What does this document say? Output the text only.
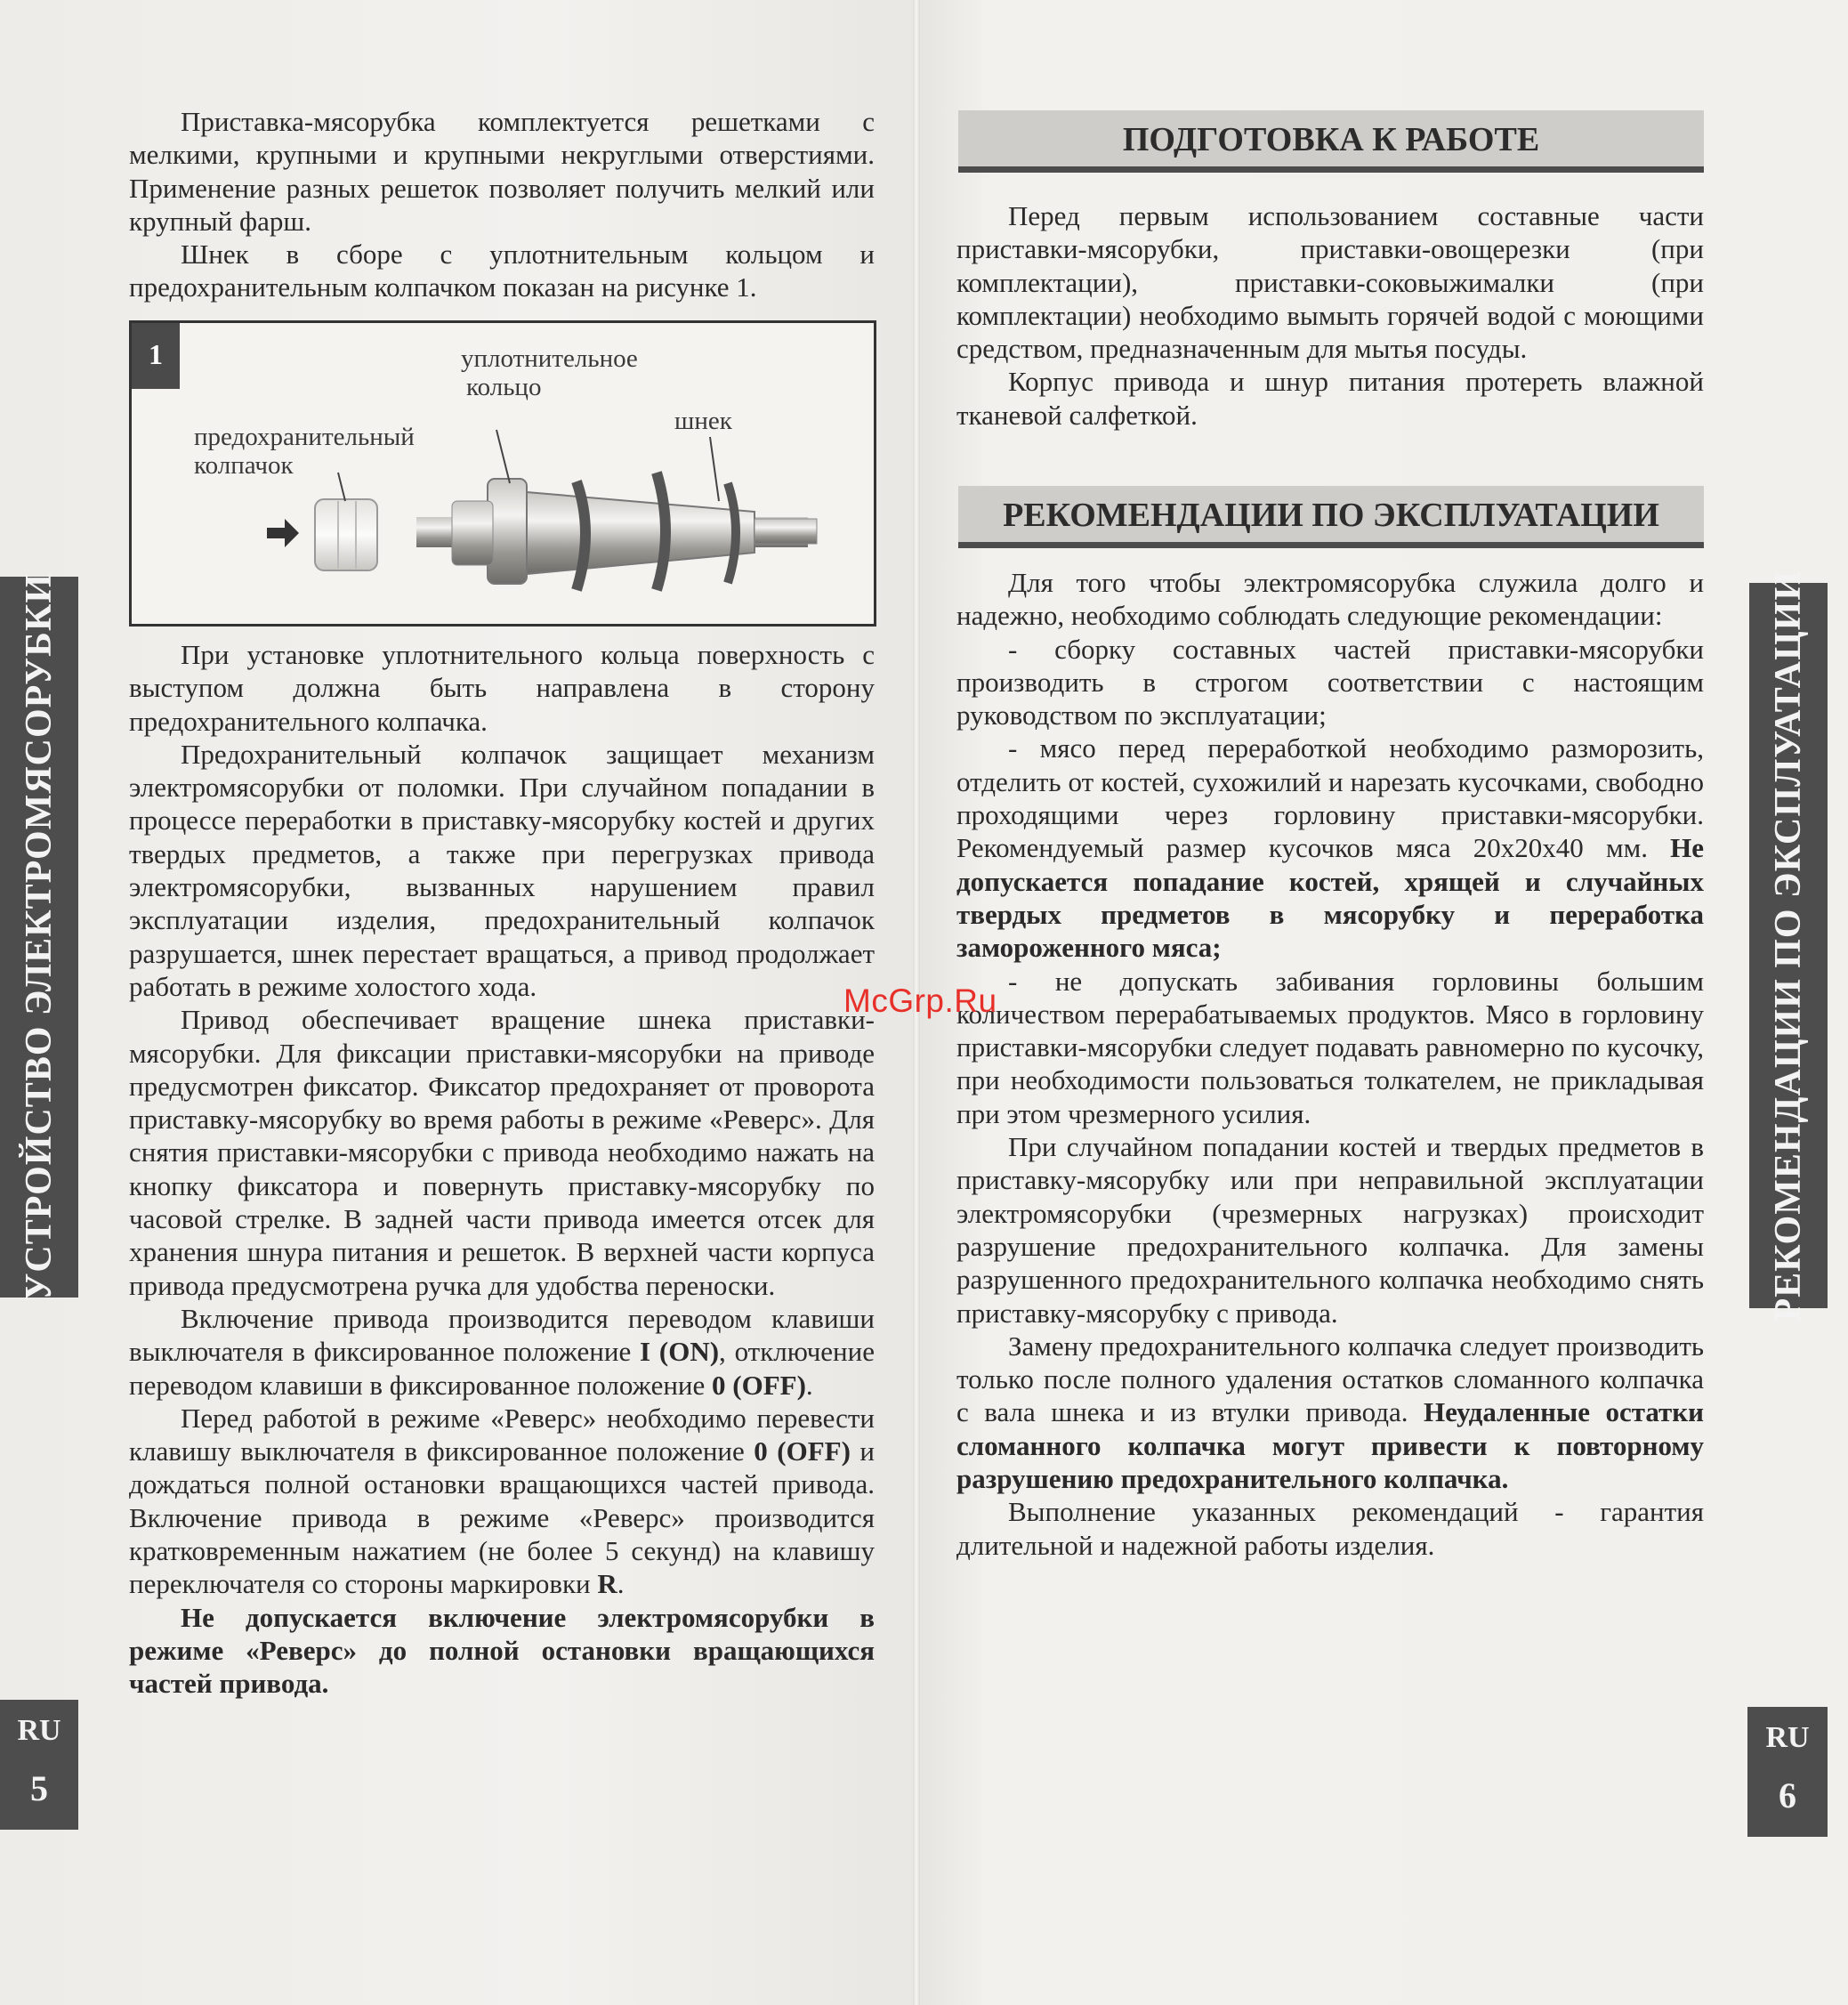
УСТРОЙСТВО ЭЛЕКТРОМЯСОРУБКИ
RU
5

Приставка-мясорубка комплектуется решетками с мелкими, крупными и крупными некруглыми отверстиями. Применение разных решеток позволяет получить мелкий или крупный фарш.

Шнек в сборе с уплотнительным кольцом и предохранительным колпачком показан на рисунке 1.

1	уплотнительное
кольцо
шнек
предохранительный
колпачок

При установке уплотнительного кольца поверхность с выступом должна быть направлена в сторону предохранительного колпачка.

Предохранительный колпачок защищает механизм электромясорубки от поломки. При случайном попадании в процессе переработки в приставку-мясорубку костей и других твердых предметов, а также при перегрузках привода электромясорубки, вызванных нарушением правил эксплуатации изделия, предохранительный колпачок разрушается, шнек перестает вращаться, а привод продолжает работать в режиме холостого хода.

Привод обеспечивает вращение шнека приставки-мясорубки. Для фиксации приставки-мясорубки на приводе предусмотрен фиксатор. Фиксатор предохраняет от проворота приставку-мясорубку во время работы в режиме «Реверс». Для снятия приставки-мясорубки с привода необходимо нажать на кнопку фиксатора и повернуть приставку-мясорубку по часовой стрелке. В задней части привода имеется отсек для хранения шнура питания и решеток. В верхней части корпуса привода предусмотрена ручка для удобства переноски.

Включение привода производится переводом клавиши выключателя в фиксированное положение I (ON), отключение переводом клавиши в фиксированное положение 0 (OFF).

Перед работой в режиме «Реверс» необходимо перевести клавишу выключателя в фиксированное положение 0 (OFF) и дождаться полной остановки вращающихся частей привода. Включение привода в режиме «Реверс» производится кратковременным нажатием (не более 5 секунд) на клавишу переключателя со стороны маркировки R.

Не допускается включение электромясорубки в режиме «Реверс» до полной остановки вращающихся частей привода.

ПОДГОТОВКА К РАБОТЕ

Перед первым использованием составные части приставки-мясорубки, приставки-овощерезки (при комплектации), приставки-соковыжималки (при комплектации) необходимо вымыть горячей водой с моющими средством, предназначенным для мытья посуды.

Корпус привода и шнур питания протереть влажной тканевой салфеткой.

РЕКОМЕНДАЦИИ ПО ЭКСПЛУАТАЦИИ

Для того чтобы электромясорубка служила долго и надежно, необходимо соблюдать следующие рекомендации:

- сборку составных частей приставки-мясорубки производить в строгом соответствии с настоящим руководством по эксплуатации;

- мясо перед переработкой необходимо разморозить, отделить от костей, сухожилий и нарезать кусочками, свободно проходящими через горловину приставки-мясорубки. Рекомендуемый размер кусочков мяса 20х20х40 мм. Не допускается попадание костей, хрящей и случайных твердых предметов в мясорубку и переработка замороженного мяса;

- не допускать забивания горловины большим количеством перерабатываемых продуктов. Мясо в горловину приставки-мясорубки следует подавать равномерно по кусочку, при необходимости пользоваться толкателем, не прикладывая при этом чрезмерного усилия.

При случайном попадании костей и твердых предметов в приставку-мясорубку или при неправильной эксплуатации электромясорубки (чрезмерных нагрузках) происходит разрушение предохранительного колпачка. Для замены разрушенного предохранительного колпачка необходимо снять приставку-мясорубку с привода.

Замену предохранительного колпачка следует производить только после полного удаления остатков сломанного колпачка с вала шнека и из втулки привода. Неудаленные остатки сломанного колпачка могут привести к повторному разрушению предохранительного колпачка.

Выполнение указанных рекомендаций - гарантия длительной и надежной работы изделия.

РЕКОМЕНДАЦИИ ПО ЭКСПЛУАТАЦИИ
RU
6
McGrp.Ru
